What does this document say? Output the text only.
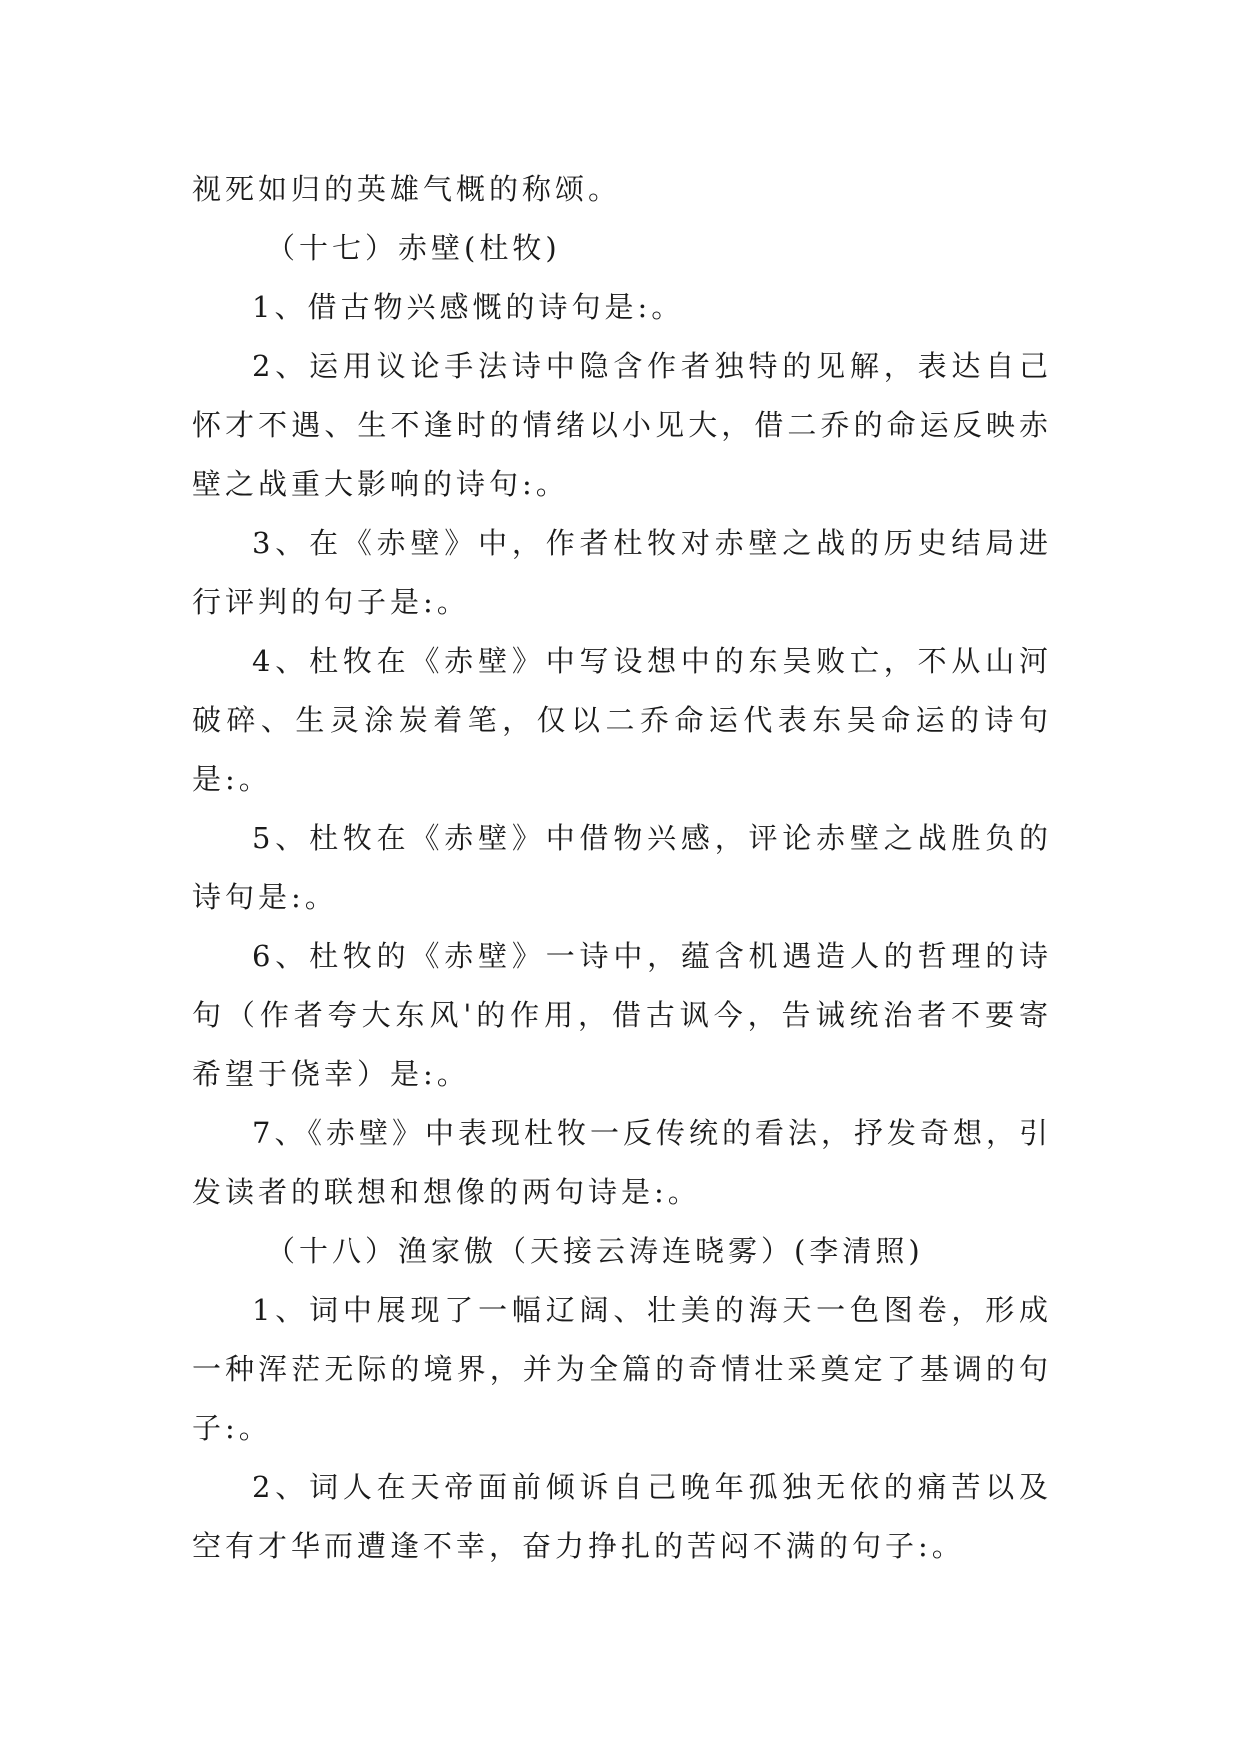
视死如归的英雄气概的称颂。

（十七）赤壁(杜牧)

1、借古物兴感慨的诗句是:。

2、运用议论手法诗中隐含作者独特的见解，表达自己怀才不遇、生不逢时的情绪以小见大，借二乔的命运反映赤壁之战重大影响的诗句:。

3、在《赤壁》中，作者杜牧对赤壁之战的历史结局进行评判的句子是:。

4、杜牧在《赤壁》中写设想中的东吴败亡，不从山河破碎、生灵涂炭着笔，仅以二乔命运代表东吴命运的诗句是:。

5、杜牧在《赤壁》中借物兴感，评论赤壁之战胜负的诗句是:。

6、杜牧的《赤壁》一诗中，蕴含机遇造人的哲理的诗句（作者夸大东风'的作用，借古讽今，告诫统治者不要寄希望于侥幸）是:。

7、《赤壁》中表现杜牧一反传统的看法，抒发奇想，引发读者的联想和想像的两句诗是:。

（十八）渔家傲（天接云涛连晓雾）(李清照)

1、词中展现了一幅辽阔、壮美的海天一色图卷，形成一种浑茫无际的境界，并为全篇的奇情壮采奠定了基调的句子:。

2、词人在天帝面前倾诉自己晚年孤独无依的痛苦以及空有才华而遭逢不幸，奋力挣扎的苦闷不满的句子:。
